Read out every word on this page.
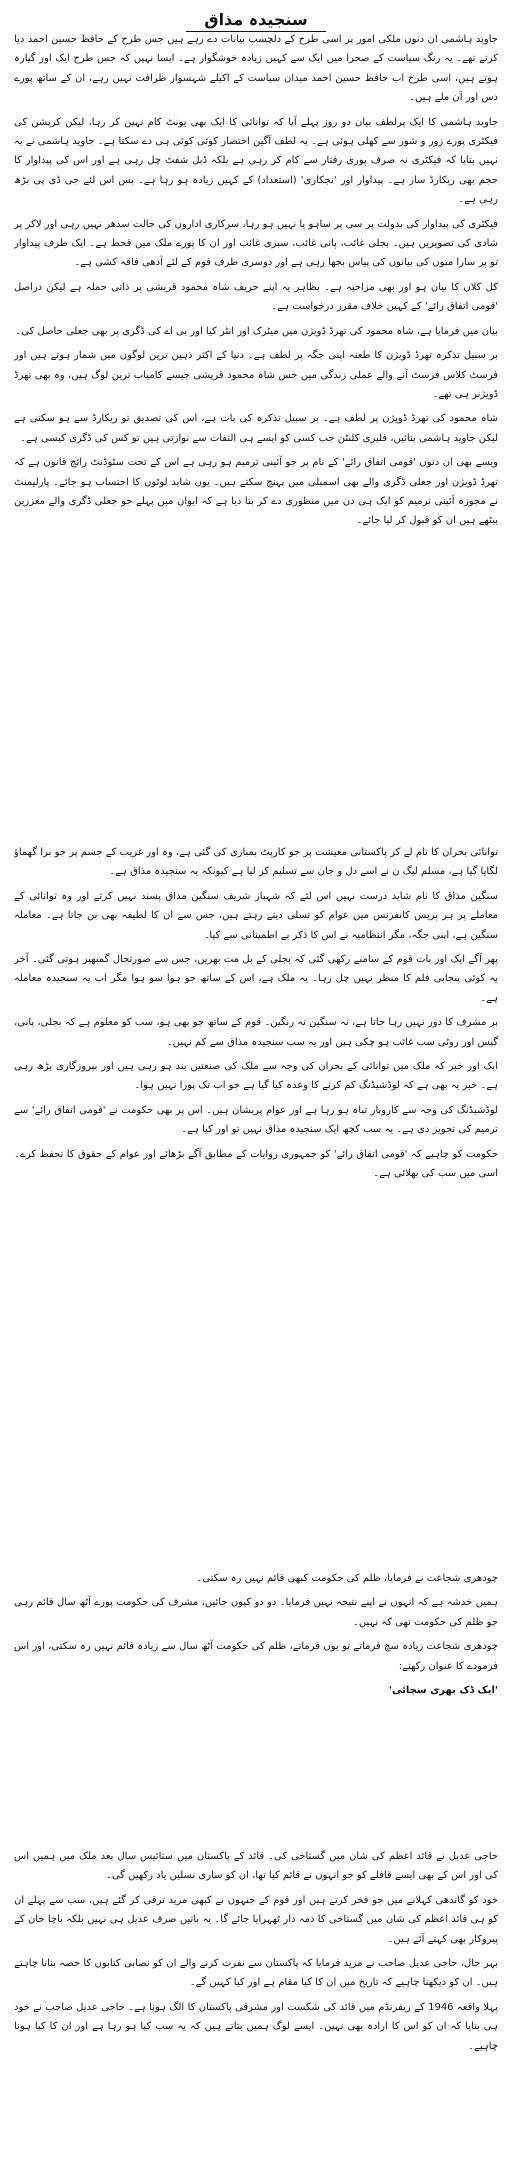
سنجیدہ مذاق

جاوید ہاشمی ان دنوں ملکی امور پر اسی طرح کے دلچسپ بیانات دے رہے ہیں جس طرح کے حافظ حسین احمد دیا کرتے تھے۔ یہ رنگ سیاست کے صحرا میں ایک سے کہیں زیادہ خوشگوار ہے۔ ایسا نہیں کہ جس طرح ایک اور گیارہ ہوتے ہیں، اسی طرح اب حافظ حسین احمد میدان سیاست کے اکیلے شہسوار ظرافت نہیں رہے، ان کے ساتھ پورے دس اور آن ملے ہیں۔

جاوید ہاشمی کا ایک پرلطف بیان دو روز پہلے آیا کہ توانائی کا ایک بھی یونٹ کام نہیں کر رہا، لیکن کرپشن کی فیکٹری پورے زور و شور سے کھلی ہوئی ہے۔ یہ لطف آگین اختصار کوئی کوئی ہی دے سکتا ہے۔ جاوید ہاشمی نے یہ نہیں بتایا کہ فیکٹری نہ صرف پوری رفتار سے کام کر رہی ہے بلکہ ڈبل شفٹ چل رہی ہے اور اس کی پیداوار کا حجم بھی ریکارڈ ساز ہے۔ پیداوار اور 'نجکاری' (استعداد) کے کہیں زیادہ ہو رہا ہے۔ بس اس لئے جی ڈی پی بڑھ رہی ہے۔

فیکٹری کی پیداوار کی بدولت پر سی پر ساہو یا نہیں ہو رہا، سرکاری اداروں کی حالت سدھر نہیں رہی اور لاکر پر شادی کی تصویریں ہیں۔ بجلی غائب، پانی غائب، سبزی غائب اور ان کا پورے ملک میں قحط ہے۔ ایک طرف پیداوار تو پر سارا منوں کی بیانوں کی پیاس بجھا رہی ہے اور دوسری طرف قوم کے لئے آدھی فاقہ کشی ہے۔

کل کلاں کا بیان ہو اور بھی مزاحیہ ہے۔ بظاہر یہ اپنے حریف شاہ محمود قریشی پر ذاتی حملہ ہے لیکن دراصل 'قومی اتفاق رائے' کے کہیں خلاف مقرر درخواست ہے۔

بیان میں فرمایا ہے، شاہ محمود کی تھرڈ ڈویژن میں میٹرک اور انٹر کیا اور بی اے کی ڈگری پر بھی جعلی حاصل کی۔

بر سبیل تذکرہ تھرڈ ڈویژن کا طعنہ اپنی جگہ پر لطف ہے۔ دنیا کے اکثر ذہین ترین لوگوں میں شمار ہوتے ہیں اور فرسٹ کلاس فرسٹ آنے والے عملی زندگی میں جس شاہ محمود قریشی جیسے کامیاب ترین لوگ ہیں، وہ بھی تھرڈ ڈویژنر ہی تھے۔

شاہ محمود کی تھرڈ ڈویژن پر لطف ہے۔ بر سبیل تذکرہ کی بات ہے، اس کی تصدیق تو ریکارڈ سے ہو سکتی ہے لیکن جاوید ہاشمی بتائیں، فلیری کلنٹن جب کسی کو ایسے ہی التفات سے نوازتی ہیں تو کس کی ڈگری کیسی ہے۔

ویسے بھی ان دنوں 'قومی اتفاق رائے' کے نام پر جو آئینی ترمیم ہو رہی ہے اس کے تحت سٹوڈنٹ رائج قانون ہے کہ تھرڈ ڈویژن اور جعلی ڈگری والے بھی اسمبلی میں پہنچ سکتے ہیں۔ یوں شاید لوٹوں کا احتساب ہو جائے۔ پارلیمنٹ نے مجوزہ آئینی ترمیم کو ایک ہی دن میں منظوری دے کر بتا دیا ہے کہ ایوان میں پہلے جو جعلی ڈگری والے معززین بیٹھے ہیں ان کو قبول کر لیا جائے۔

توانائی بحران کا نام لے کر پاکستانی معیشت پر جو کارپٹ بمباری کی گئی ہے، وہ اور غریب کے جسم پر جو برا گھماؤ لگایا گیا ہے، مسلم لیگ ن نے اسے دل و جان سے تسلیم کر لیا ہے کیونکہ یہ سنجیدہ مذاق ہے۔

سنگین مذاق کا نام شاید درست نہیں اس لئے کہ شہباز شریف سنگین مذاق پسند نہیں کرتے اور وہ توانائی کے معاملے پر ہر پریس کانفرنس میں عوام کو تسلی دیتے رہتے ہیں، جس سے ان کا لطیفہ بھی بن جاتا ہے۔ معاملہ سنگین ہے، اپنی جگہ، مگر انتظامیہ نے اس کا ذکر بے اطمینانی سے کیا۔

پھر آگے ایک اور بات قوم کے سامنے رکھی گئی کہ بجلی کے بل مت بھریں، جس سے صورتحال گمبھیر ہوتی گئی۔ آخر یہ کوئی پنجابی فلم کا منظر نہیں چل رہا۔ یہ ملک ہے، اس کے ساتھ جو ہوا سو ہوا مگر اب یہ سنجیدہ معاملہ ہے۔

بر مشرف کا دور نہیں رہا جاتا ہے، نہ سنگین نہ رنگین۔ قوم کے ساتھ جو بھی ہو، سب کو معلوم ہے کہ بجلی، پانی، گیس اور روٹی سب غائب ہو چکی ہیں اور یہ سب سنجیدہ مذاق سے کم نہیں۔

ایک اور خبر کہ ملک میں توانائی کے بحران کی وجہ سے ملک کی صنعتیں بند ہو رہی ہیں اور بیروزگاری بڑھ رہی ہے۔ خبر یہ بھی ہے کہ لوڈشیڈنگ کم کرنے کا وعدہ کیا گیا ہے جو اب تک پورا نہیں ہوا۔

لوڈشیڈنگ کی وجہ سے کاروبار تباہ ہو رہا ہے اور عوام پریشان ہیں۔ اس پر بھی حکومت نے 'قومی اتفاق رائے' سے ترمیم کی تجویز دی ہے۔ یہ سب کچھ ایک سنجیدہ مذاق نہیں تو اور کیا ہے۔

حکومت کو چاہیے کہ 'قومی اتفاق رائے' کو جمہوری روایات کے مطابق آگے بڑھائے اور عوام کے حقوق کا تحفظ کرے۔ اسی میں سب کی بھلائی ہے۔

چودھری شجاعت نے فرمایا، ظلم کی حکومت کبھی قائم نہیں رہ سکتی۔

ہمیں خدشہ ہے کہ انہوں نے اپنے نتیجہ نہیں فرمایا۔ دو دو کیوں جائیں، مشرف کی حکومت پورے آٹھ سال قائم رہی جو ظلم کی حکومت تھی کہ نہیں۔

چودھری شجاعت زیادہ سچ فرماتے تو یوں فرماتے، ظلم کی حکومت آٹھ سال سے زیادہ قائم نہیں رہ سکتی، اور اس فرمودے کا عنوان رکھتے:

'ایک ڈک بھری سچائی'

حاجی عدیل نے قائد اعظم کی شان میں گستاخی کی۔ قائد کے پاکستان میں ستائیس سال بعد ملک میں ہمیں اس کی اور اس کے بھی ایسے قافلے کو جو انہوں نے قائم کیا تھا، ان کو ساری نسلیں یاد رکھیں گی۔

خود کو گاندھی کہلانے میں جو فخر کرتے ہیں اور قوم کے جنہوں نے کبھی مزید ترقی کر گئے ہیں، سب سے پہلے ان کو ہی قائد اعظم کی شان میں گستاخی کا ذمہ دار ٹھہرایا جائے گا۔ یہ باتیں صرف عدیل ہی نہیں بلکہ باچا خان کے پیروکار بھی کہتے آئے ہیں۔

بہر حال، حاجی عدیل صاحب نے مزید فرمایا کہ پاکستان سے نفرت کرنے والے ان کو نصابی کتابوں کا حصہ بنانا چاہتے ہیں۔ ان کو دیکھنا چاہیے کہ تاریخ میں ان کا کیا مقام ہے اور کیا کہیں گے۔

پہلا واقعہ 1946 کے ریفرنڈم میں قائد کی شکست اور مشرقی پاکستان کا الگ ہونا ہے۔ حاجی عدیل صاحب نے خود ہی بتایا کہ ان کو اس کا ارادہ بھی نہیں۔ ایسے لوگ ہمیں بتاتے ہیں کہ یہ سب کیا ہو رہا ہے اور ان کا کیا ہونا چاہیے۔
